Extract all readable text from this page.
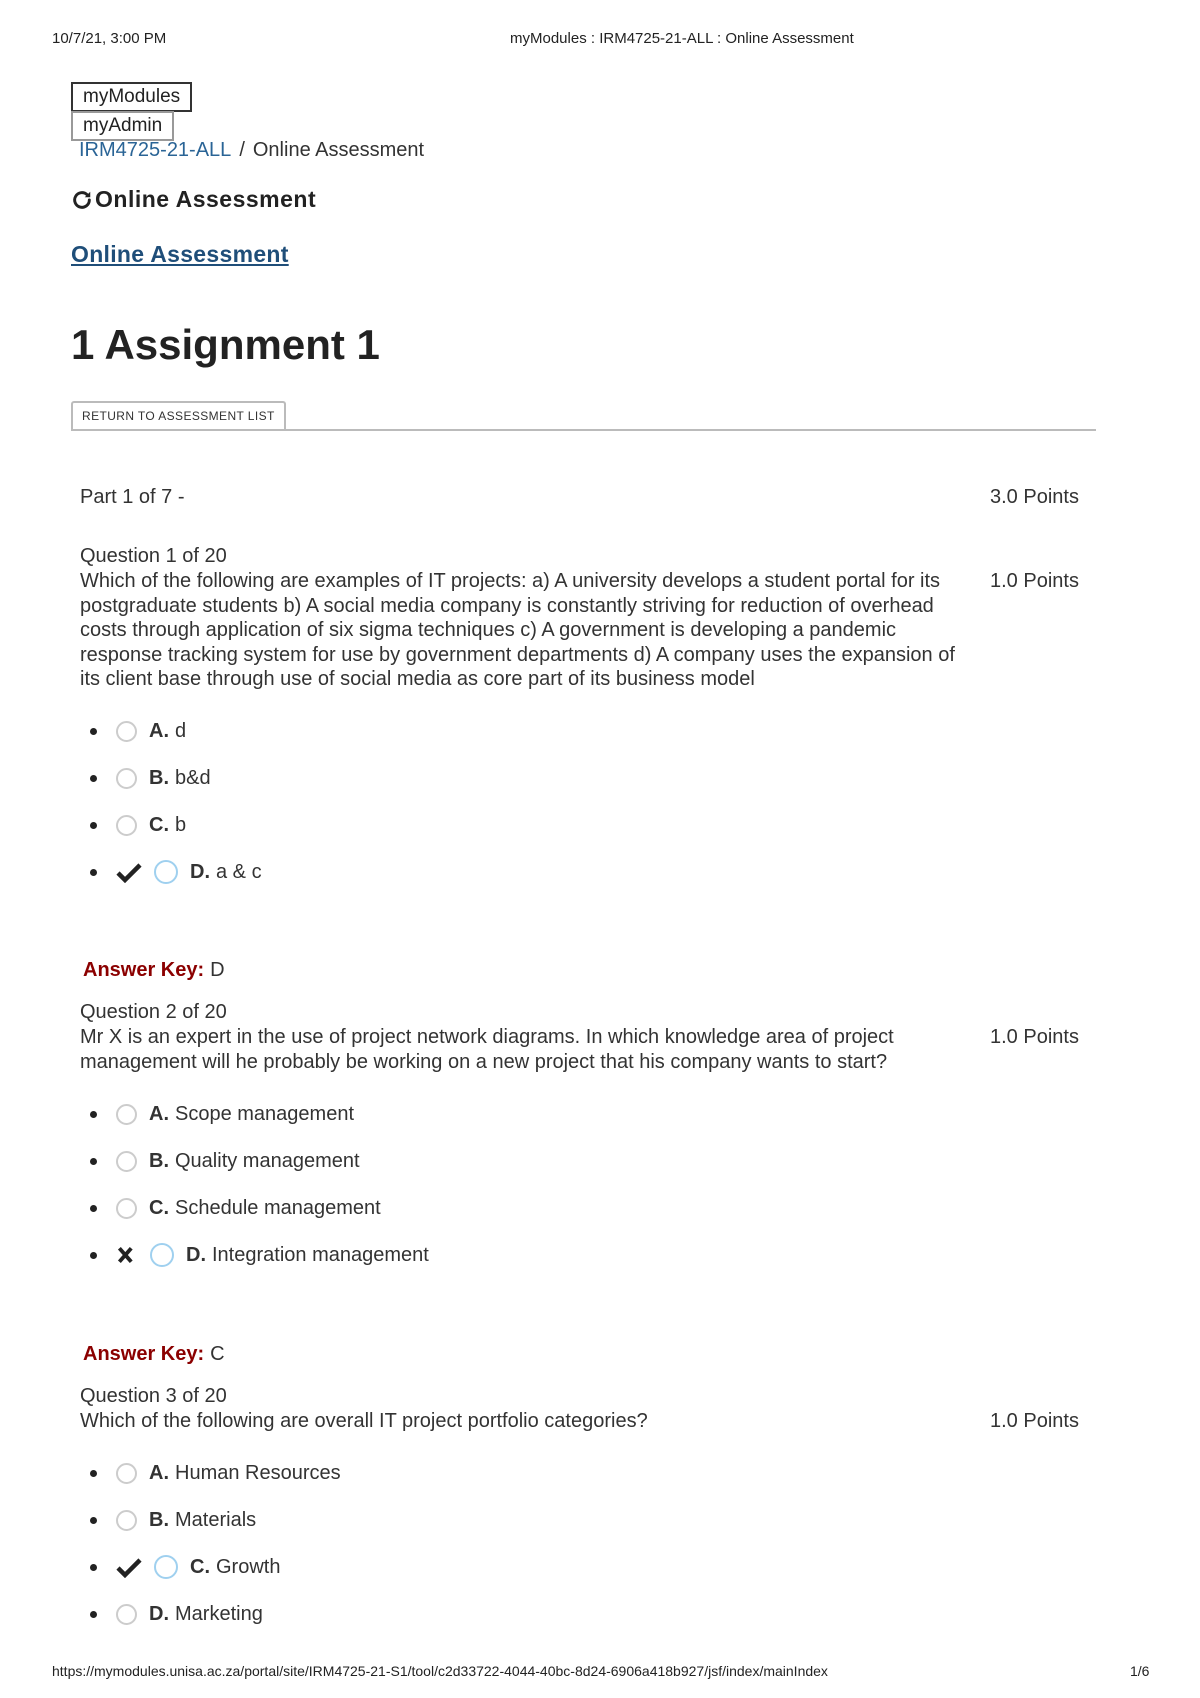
10/7/21, 3:00 PM	myModules : IRM4725-21-ALL : Online Assessment
myModules
myAdmin
IRM4725-21-ALL / Online Assessment
Online Assessment
Online Assessment
1 Assignment 1
RETURN TO ASSESSMENT LIST
Part 1 of 7 -	3.0 Points
Question 1 of 20
Which of the following are examples of IT projects: a) A university develops a student portal for its postgraduate students b) A social media company is constantly striving for reduction of overhead costs through application of six sigma techniques c) A government is developing a pandemic response tracking system for use by government departments d) A company uses the expansion of its client base through use of social media as core part of its business model
1.0 Points
A. d
B. b&d
C. b
D. a & c
Answer Key: D
Question 2 of 20
Mr X is an expert in the use of project network diagrams. In which knowledge area of project management will he probably be working on a new project that his company wants to start?
1.0 Points
A. Scope management
B. Quality management
C. Schedule management
D. Integration management
Answer Key: C
Question 3 of 20
Which of the following are overall IT project portfolio categories?	1.0 Points
A. Human Resources
B. Materials
C. Growth
D. Marketing
https://mymodules.unisa.ac.za/portal/site/IRM4725-21-S1/tool/c2d33722-4044-40bc-8d24-6906a418b927/jsf/index/mainIndex	1/6
